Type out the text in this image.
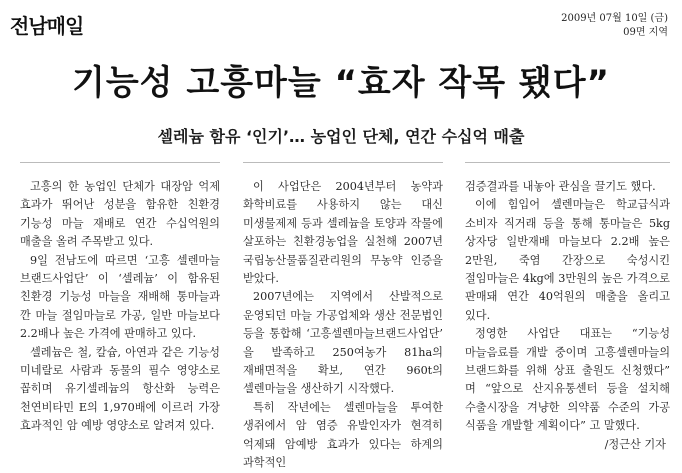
전남매일	2009년 07월 10일 (금)
09면 지역
기능성 고흥마늘 “효자 작목 됐다”
셀레늄 함유 ‘인기’… 농업인 단체, 연간 수십억 매출

고흥의 한 농업인 단체가 대장암 억제 효과가 뛰어난 성분을 함유한 친환경 기능성 마늘 재배로 연간 수십억원의 매출을 올려 주목받고 있다.

9일 전남도에 따르면 ‘고흥 셀렌마늘 브랜드사업단’ 이 ‘셀레늄’ 이 함유된 친환경 기능성 마늘을 재배해 통마늘과 깐 마늘 절임마늘로 가공, 일반 마늘보다 2.2배나 높은 가격에 판매하고 있다.

셀레늄은 철, 칼슘, 아연과 같은 기능성 미네랄로 사람과 동물의 필수 영양소로 꼽히며 유기셀레늄의 항산화 능력은 천연비타민 E의 1,970배에 이르러 가장 효과적인 암 예방 영양소로 알려져 있다.

이 사업단은 2004년부터 농약과 화학비료를 사용하지 않는 대신 미생물제제 등과 셀레늄을 토양과 작물에 살포하는 친환경농업을 실천해 2007년 국립농산물품질관리원의 무농약 인증을 받았다.

2007년에는 지역에서 산발적으로 운영되던 마늘 가공업체와 생산 전문법인 등을 통합해 ‘고흥셀렌마늘브랜드사업단’ 을 발족하고 250여농가 81ha의 재배면적을 확보, 연간 960t의 셀렌마늘을 생산하기 시작했다.

특히 작년에는 셀렌마늘을 투여한 생쥐에서 암 염증 유발인자가 현격히 억제돼 암예방 효과가 있다는 하계의 과학적인

검증결과를 내놓아 관심을 끌기도 했다.

이에 힘입어 셀렌마늘은 학교급식과 소비자 직거래 등을 통해 통마늘은 5kg 상자당 일반재배 마늘보다 2.2배 높은 2만원, 죽염 간장으로 숙성시킨 절임마늘은 4kg에 3만원의 높은 가격으로 판매돼 연간 40억원의 매출을 올리고 있다.

정영한 사업단 대표는 “기능성 마늘음료를 개발 중이며 고흥셀렌마늘의 브랜드화를 위해 상표 출원도 신청했다” 며 “앞으로 산지유통센터 등을 설치해 수출시장을 겨냥한 의약품 수준의 가공 식품을 개발할 계획이다” 고 말했다.

/정근산 기자
